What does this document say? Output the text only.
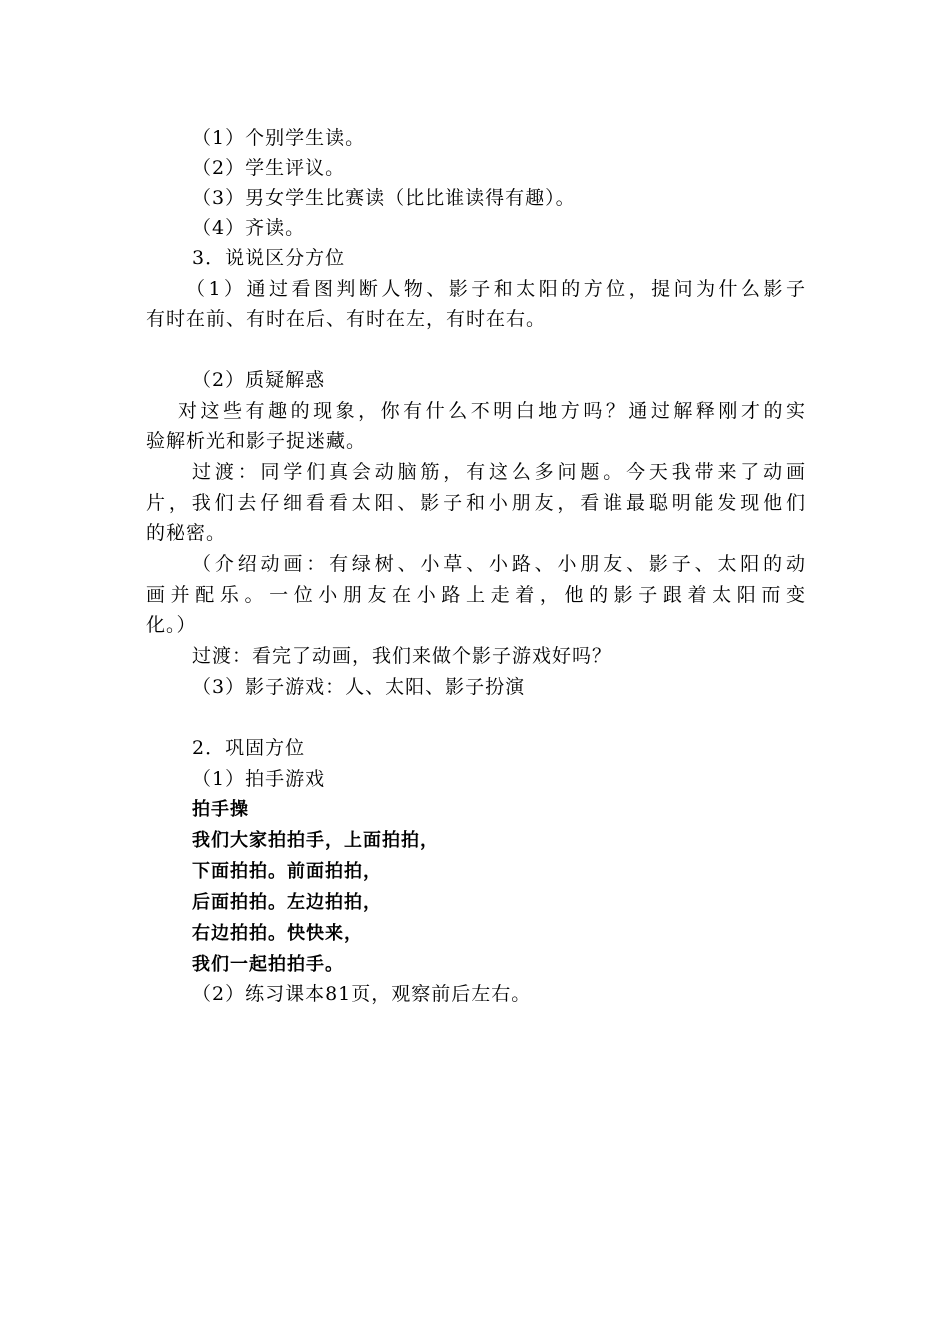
（1）个别学生读。
（2）学生评议。
（3）男女学生比赛读（比比谁读得有趣）。
（4）齐读。
3．说说区分方位
（1）通过看图判断人物、影子和太阳的方位，提问为什么影子
有时在前、有时在后、有时在左，有时在右。
（2）质疑解惑
对这些有趣的现象，你有什么不明白地方吗？通过解释刚才的实
验解析光和影子捉迷藏。
过渡：同学们真会动脑筋，有这么多问题。今天我带来了动画
片，我们去仔细看看太阳、影子和小朋友，看谁最聪明能发现他们
的秘密。
（介绍动画：有绿树、小草、小路、小朋友、影子、太阳的动
画并配乐。一位小朋友在小路上走着，他的影子跟着太阳而变
化。）
过渡：看完了动画，我们来做个影子游戏好吗？
（3）影子游戏：人、太阳、影子扮演
2．巩固方位
（1）拍手游戏
拍手操
我们大家拍拍手，上面拍拍，
下面拍拍。前面拍拍，
后面拍拍。左边拍拍，
右边拍拍。快快来，
我们一起拍拍手。
（2）练习课本81页，观察前后左右。
